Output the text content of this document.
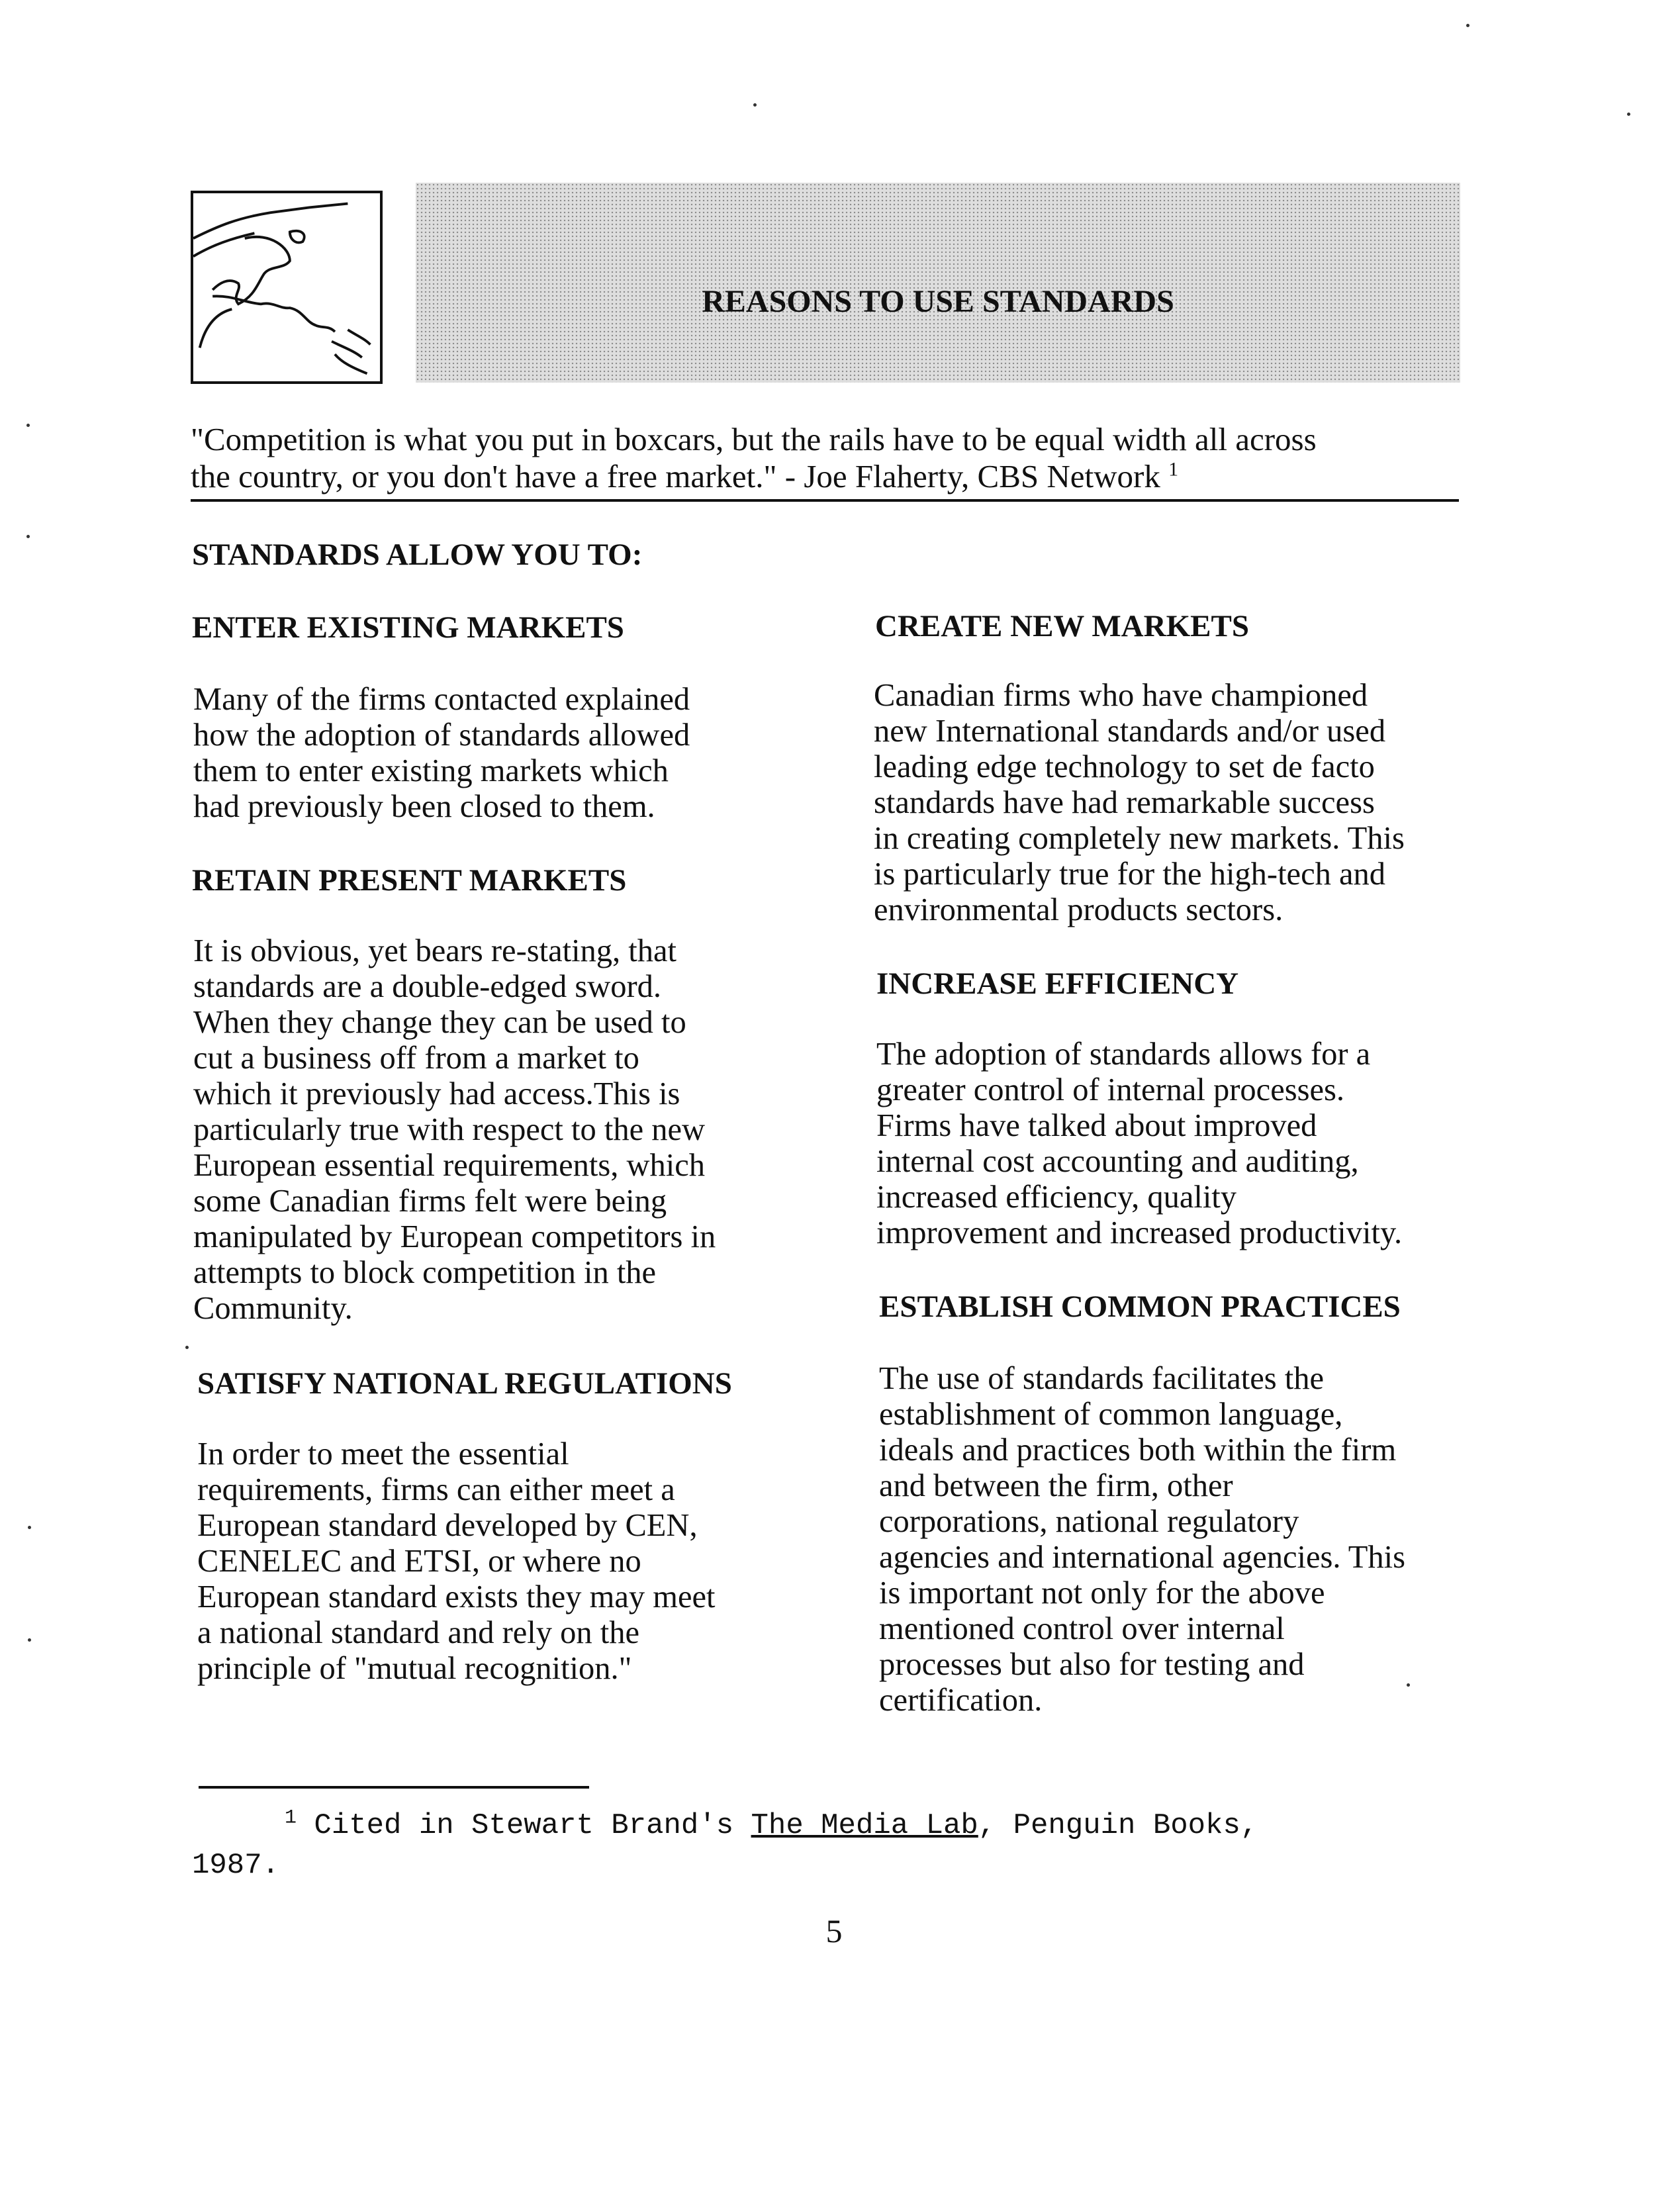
REASONS TO USE STANDARDS
"Competition is what you put in boxcars, but the rails have to be equal width all across
the country, or you don't have a free market." - Joe Flaherty, CBS Network $^1$
STANDARDS ALLOW YOU TO:
ENTER EXISTING MARKETS
Many of the firms contacted explained
how the adoption of standards allowed
them to enter existing markets which
had previously been closed to them.
RETAIN PRESENT MARKETS
It is obvious, yet bears re-stating, that
standards are a double-edged sword.
When they change they can be used to
cut a business off from a market to
which it previously had access.This is
particularly true with respect to the new
European essential requirements, which
some Canadian firms felt were being
manipulated by European competitors in
attempts to block competition in the
Community.
SATISFY NATIONAL REGULATIONS
In order to meet the essential
requirements, firms can either meet a
European standard developed by CEN,
CENELEC and ETSI, or where no
European standard exists they may meet
a national standard and rely on the
principle of "mutual recognition."
CREATE NEW MARKETS
Canadian firms who have championed
new International standards and/or used
leading edge technology to set de facto
standards have had remarkable success
in creating completely new markets. This
is particularly true for the high-tech and
environmental products sectors.
INCREASE EFFICIENCY
The adoption of standards allows for a
greater control of internal processes.
Firms have talked about improved
internal cost accounting and auditing,
increased efficiency, quality
improvement and increased productivity.
ESTABLISH COMMON PRACTICES
The use of standards facilitates the
establishment of common language,
ideals and practices both within the firm
and between the firm, other
corporations, national regulatory
agencies and international agencies. This
is important not only for the above
mentioned control over internal
processes but also for testing and
certification.
$^1$ Cited in Stewart Brand's The Media Lab, Penguin Books,
1987.
5
